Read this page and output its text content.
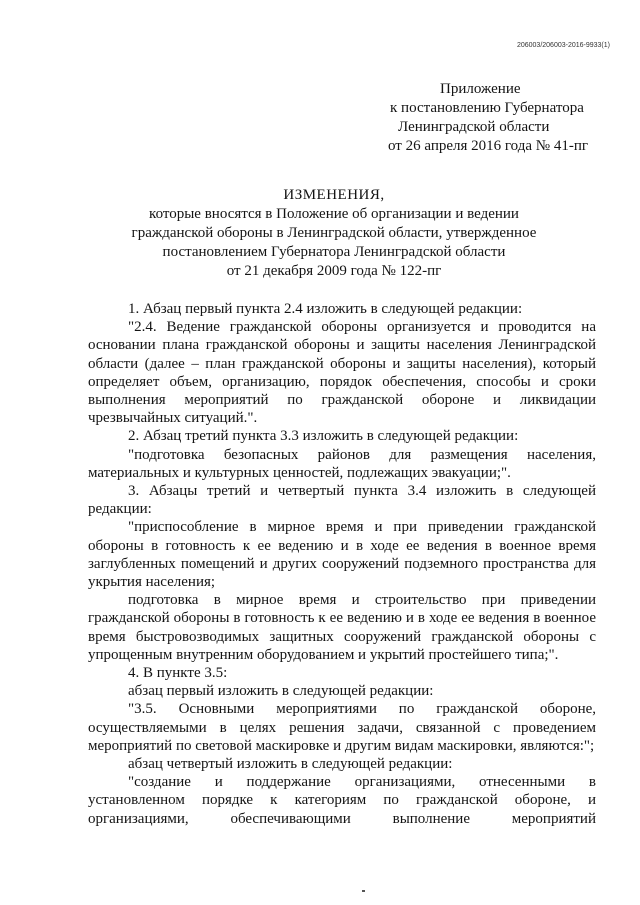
206003/206003-2016-9933(1)
Приложение
к постановлению Губернатора
Ленинградской области
от 26 апреля 2016 года № 41-пг
ИЗМЕНЕНИЯ,
которые вносятся в Положение об организации и ведении
гражданской обороны в Ленинградской области, утвержденное
постановлением Губернатора Ленинградской области
от 21 декабря 2009 года № 122-пг

1. Абзац первый пункта 2.4 изложить в следующей редакции:

"2.4. Ведение гражданской обороны организуется и проводится на основании плана гражданской обороны и защиты населения Ленинградской области (далее – план гражданской обороны и защиты населения), который определяет объем, организацию, порядок обеспечения, способы и сроки выполнения мероприятий по гражданской обороне и ликвидации чрезвычайных ситуаций.".

2. Абзац третий пункта 3.3 изложить в следующей редакции:

"подготовка безопасных районов для размещения населения, материальных и культурных ценностей, подлежащих эвакуации;".

3. Абзацы третий и четвертый пункта 3.4 изложить в следующей редакции:

"приспособление в мирное время и при приведении гражданской обороны в готовность к ее ведению и в ходе ее ведения в военное время заглубленных помещений и других сооружений подземного пространства для укрытия населения;

подготовка в мирное время и строительство при приведении гражданской обороны в готовность к ее ведению и в ходе ее ведения в военное время быстровозводимых защитных сооружений гражданской обороны с упрощенным внутренним оборудованием и укрытий простейшего типа;".

4. В пункте 3.5:

абзац первый изложить в следующей редакции:

"3.5. Основными мероприятиями по гражданской обороне, осуществляемыми в целях решения задачи, связанной с проведением мероприятий по световой маскировке и другим видам маскировки, являются:";

абзац четвертый изложить в следующей редакции:

"создание и поддержание организациями, отнесенными в установленном порядке к категориям по гражданской обороне, и организациями, обеспечивающими выполнение мероприятий
